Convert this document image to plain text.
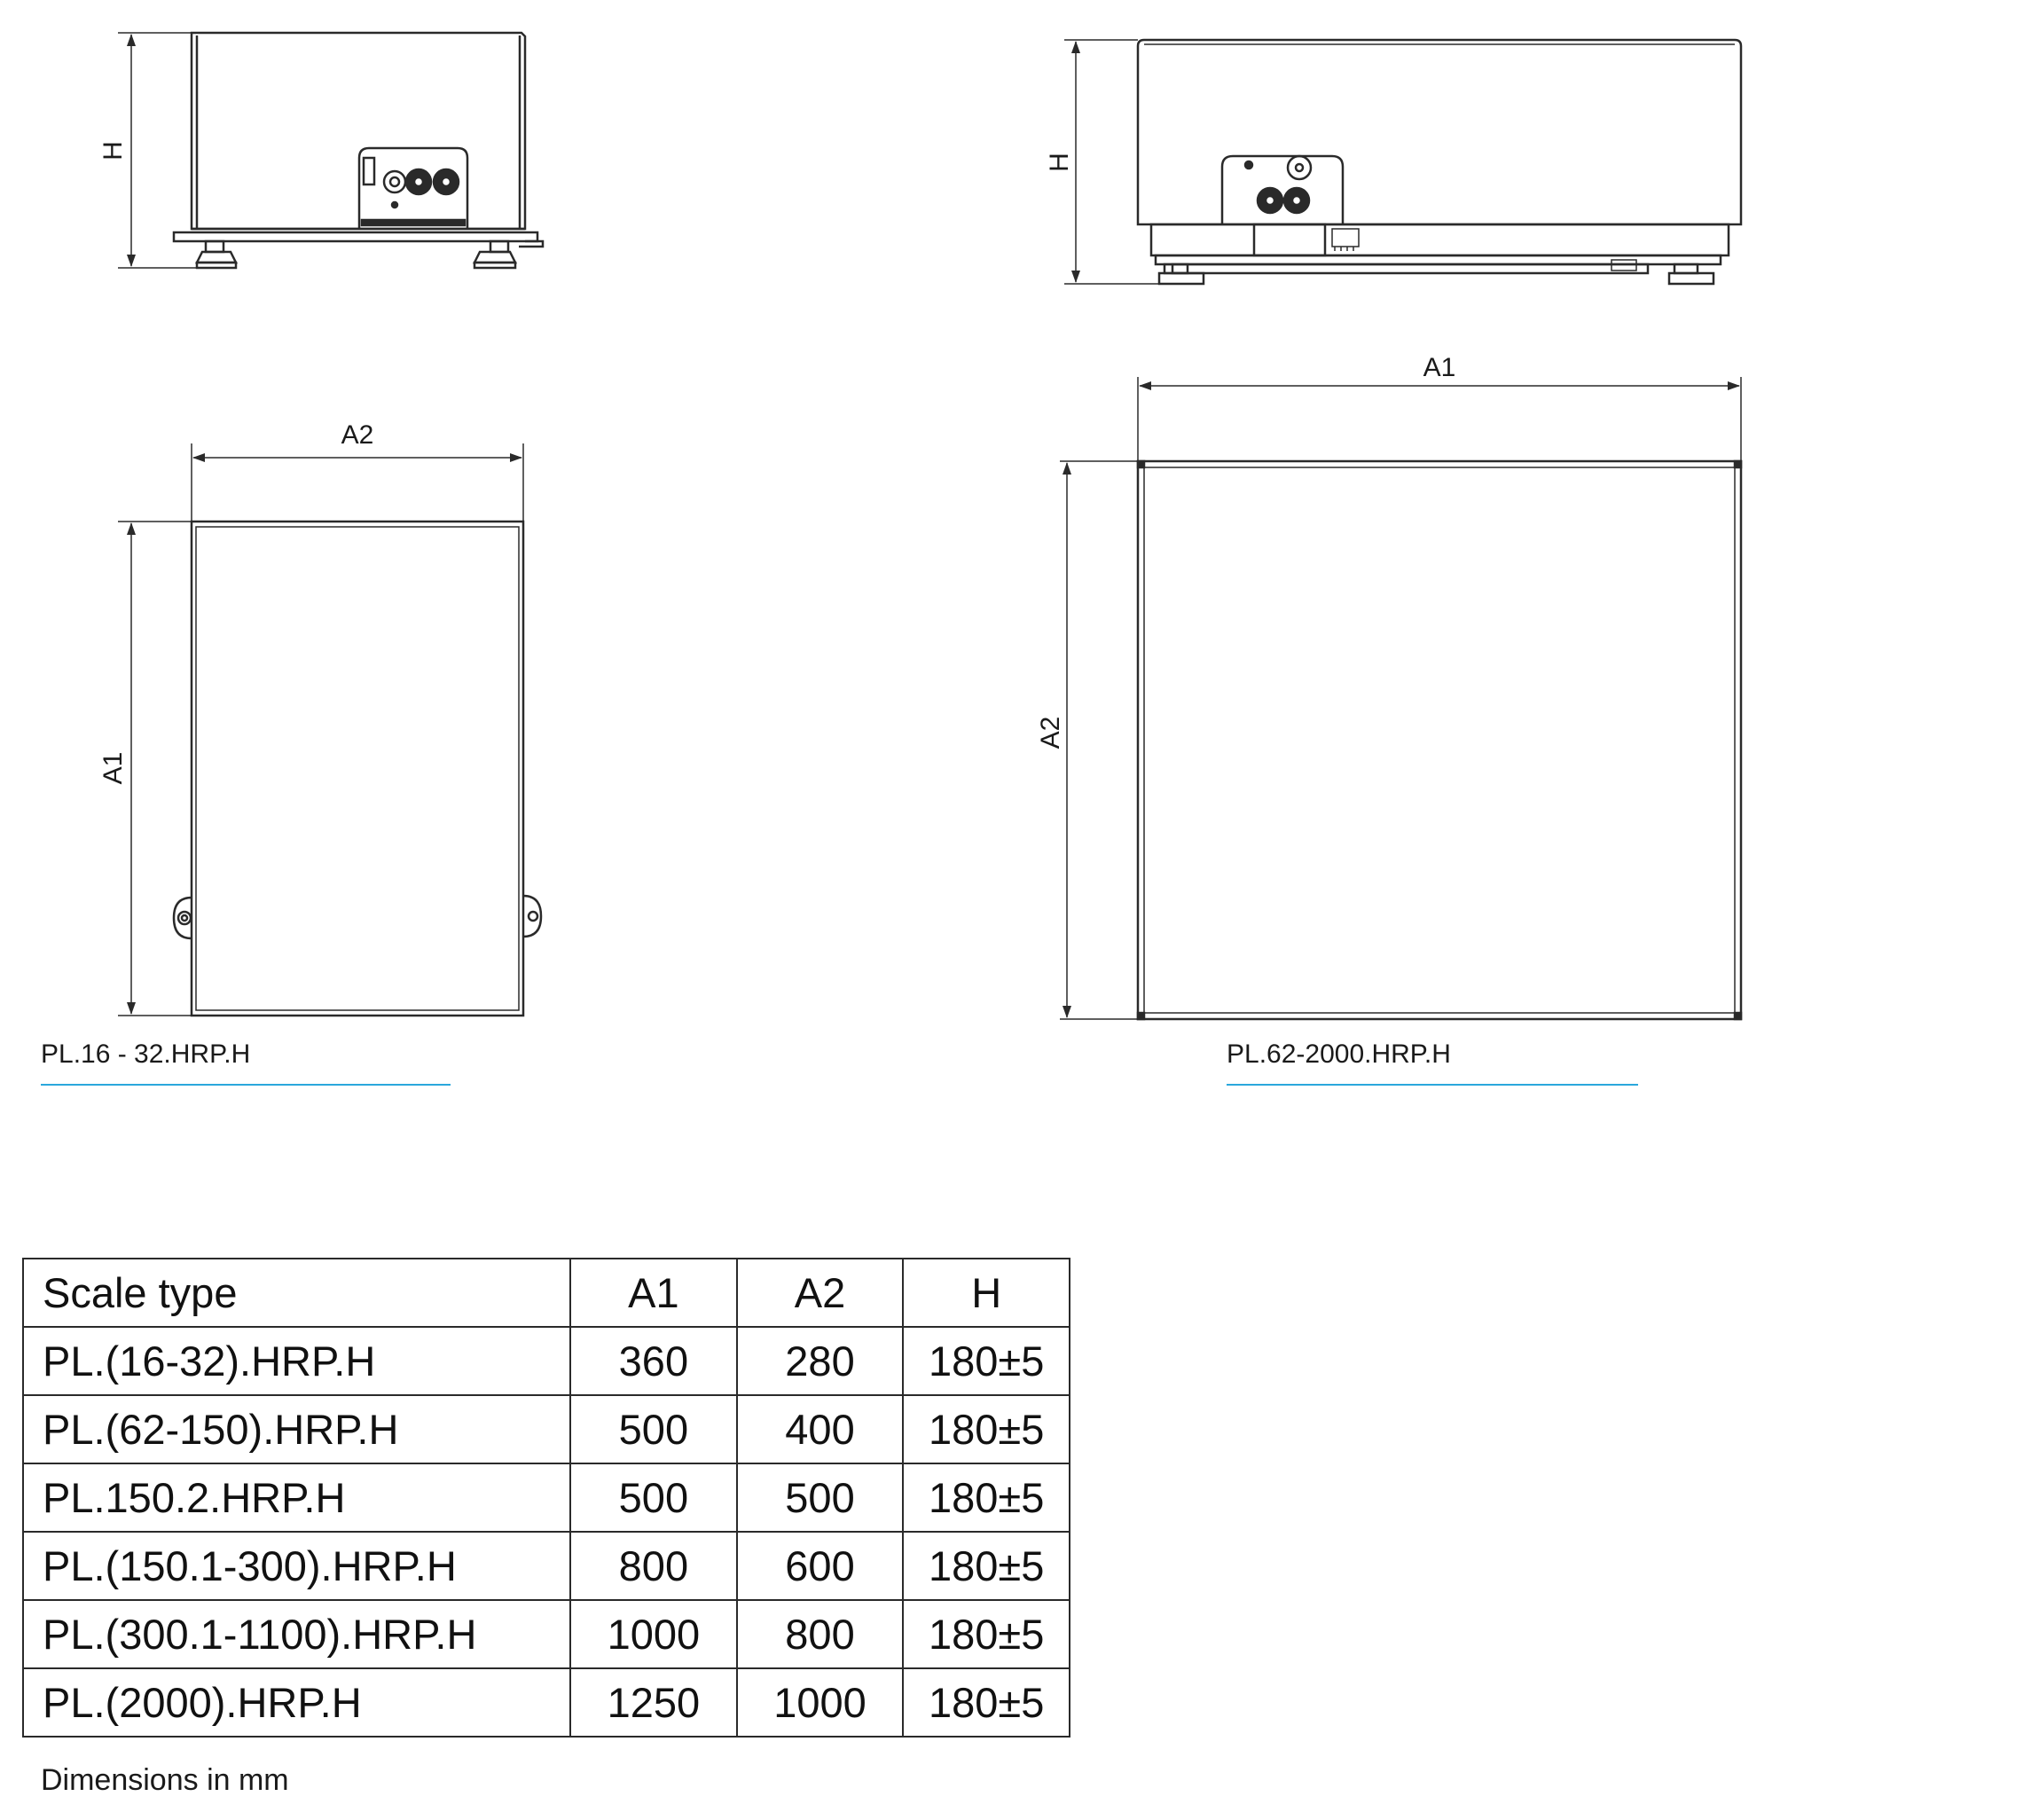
H
A2
A1
H
A1
A2
PL.16 - 32.HRP.H	PL.62-2000.HRP.H
Scale type	A1	A2	H
PL.(16-32).HRP.H	360	280	180±5
PL.(62-150).HRP.H	500	400	180±5
PL.150.2.HRP.H	500	500	180±5
PL.(150.1-300).HRP.H	800	600	180±5
PL.(300.1-1100).HRP.H	1000	800	180±5
PL.(2000).HRP.H	1250	1000	180±5
Dimensions in mm
